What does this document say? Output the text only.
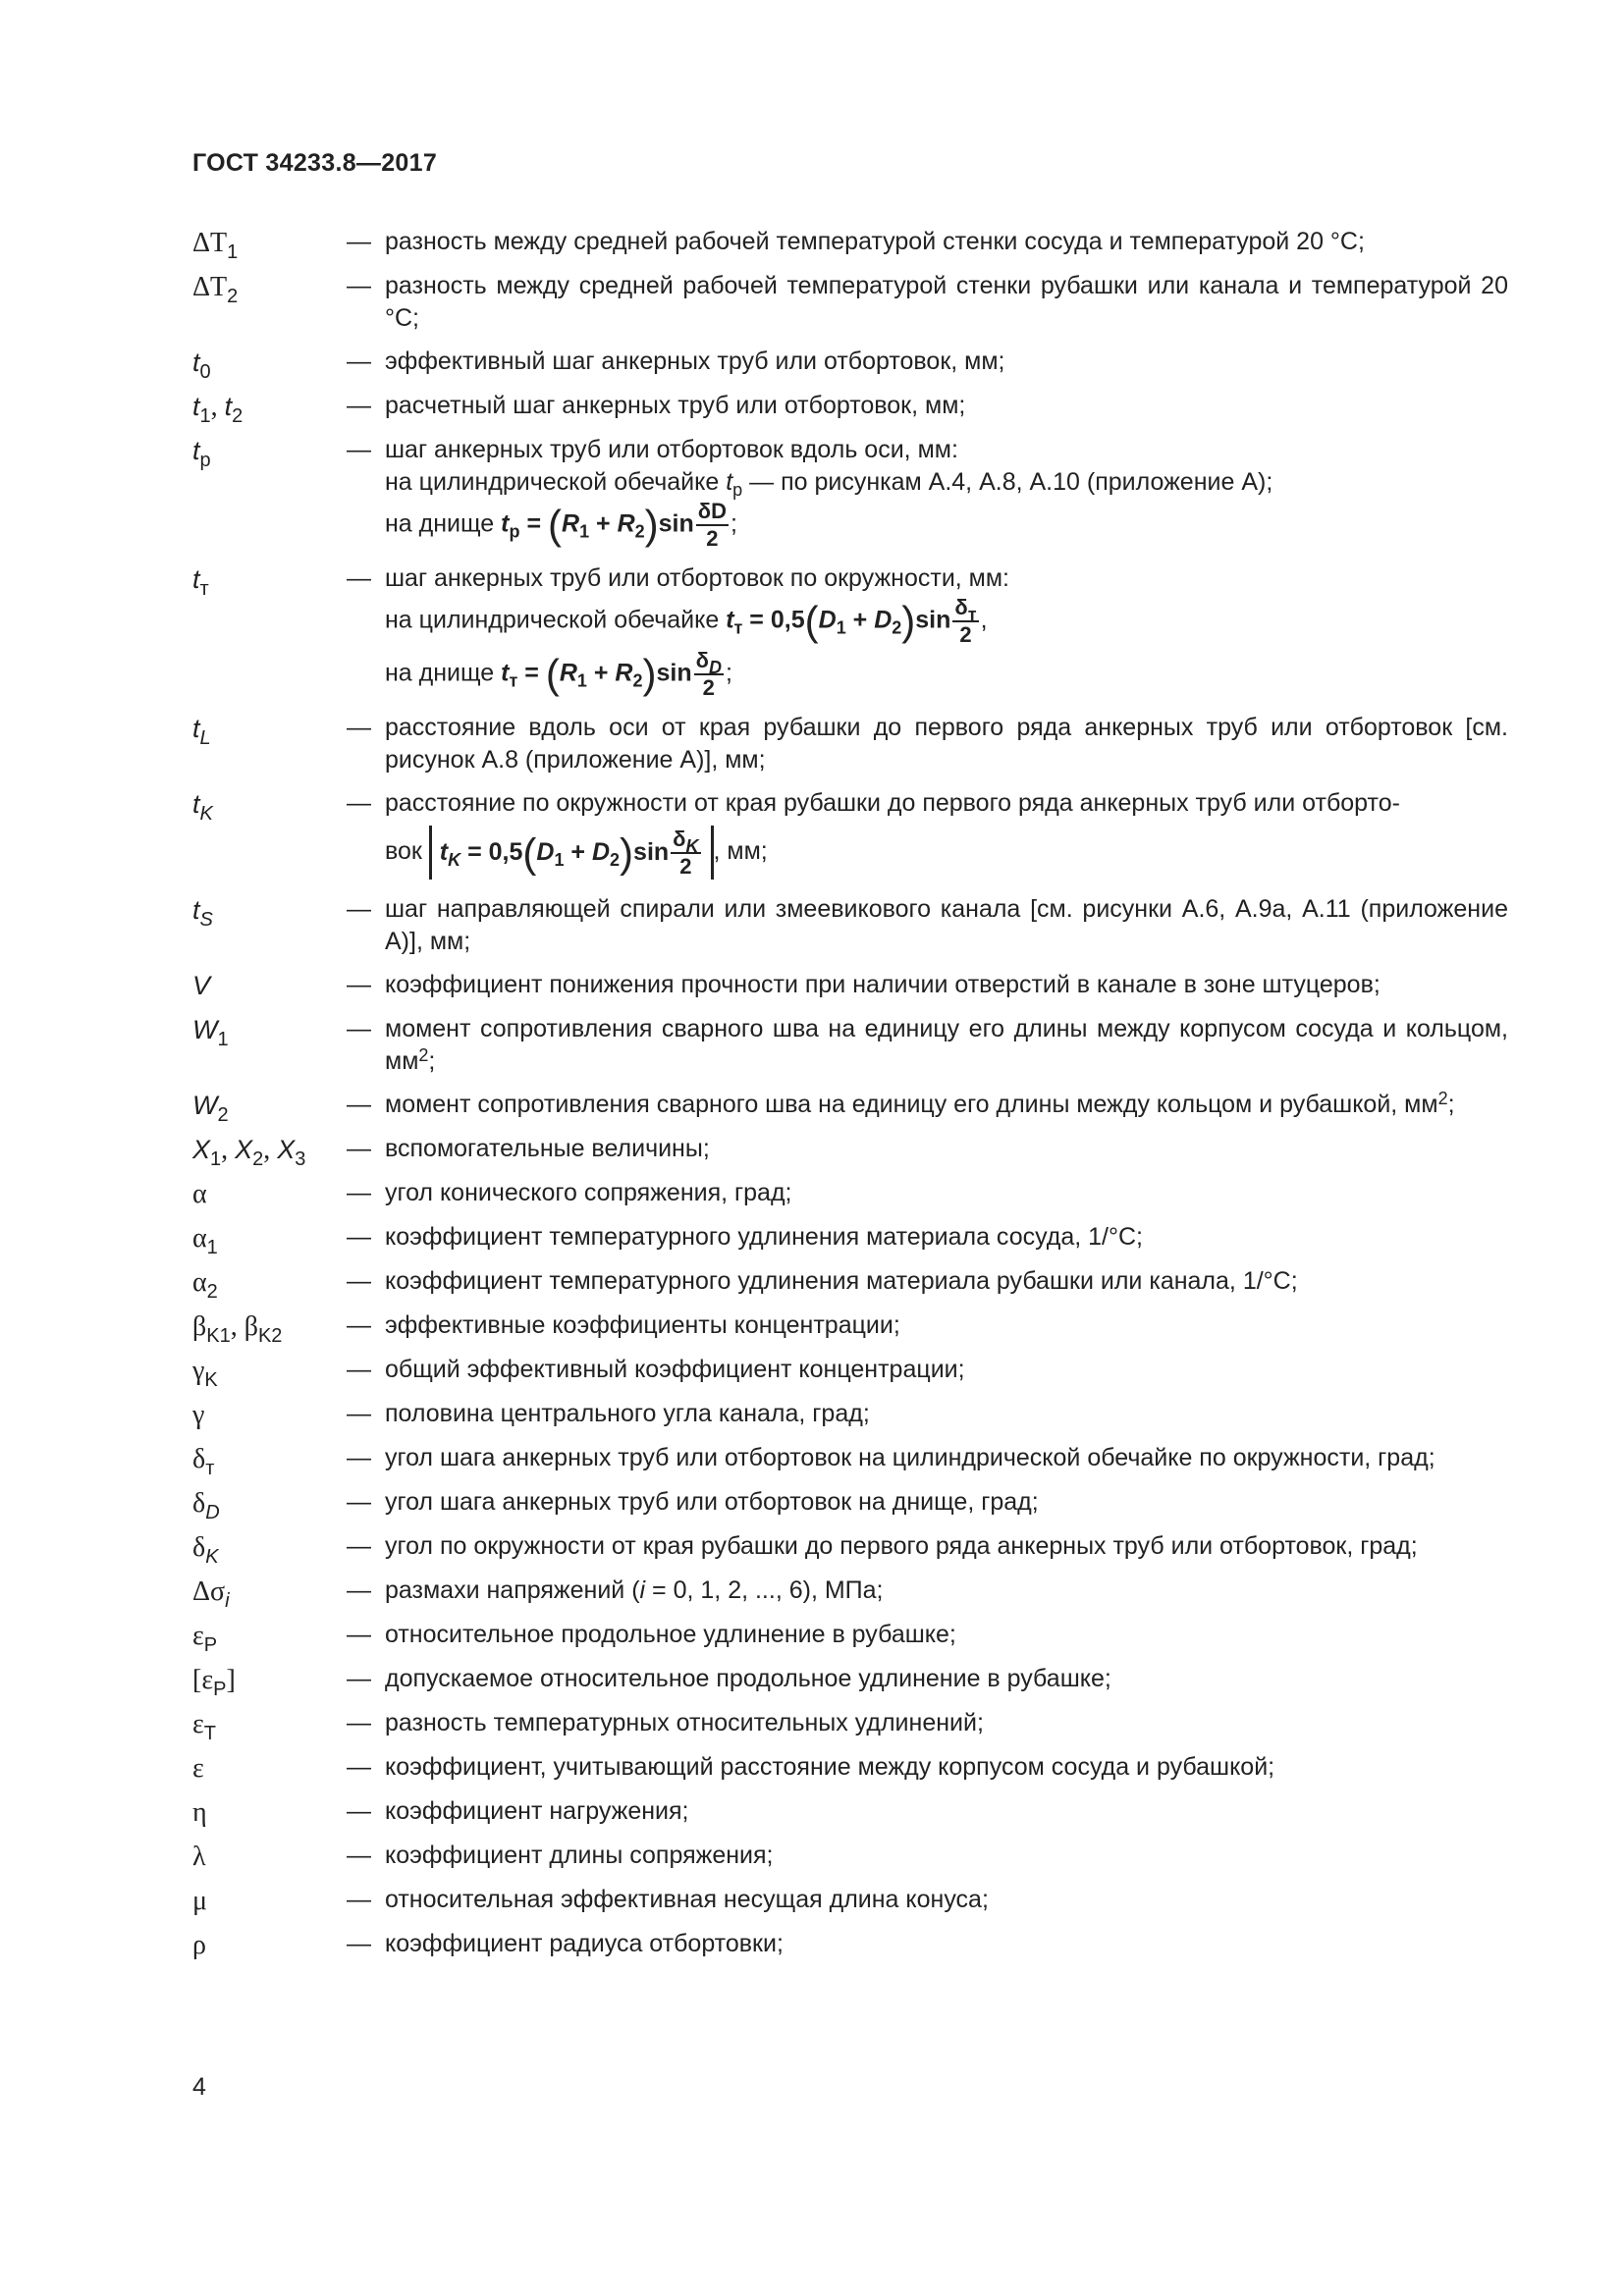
ГОСТ 34233.8—2017
$\Delta T_1$	— разность между средней рабочей температурой стенки сосуда и температурой 20 °С;
$\Delta T_2$	— разность между средней рабочей температурой стенки рубашки или канала и температурой 20 °С;
$t_0$	— эффективный шаг анкерных труб или отбортовок, мм;
$t_1$, $t_2$	— расчетный шаг анкерных труб или отбортовок, мм;
$t_p$	— шаг анкерных труб или отбортовок вдоль оси, мм:
на цилиндрической обечайке $t_p$ — по рисункам А.4, А.8, А.10 (приложение А);
на днище $t_p = (R_1 + R_2)\sin \frac{\delta D}{2}$ ;
$t_т$	— шаг анкерных труб или отбортовок по окружности, мм:
на цилиндрической обечайке $t_т = 0,5(D_1 + D_2)\sin \frac{\delta_т}{2}$ ,
на днище $t_т = (R_1 + R_2)\sin \frac{\delta_D}{2}$ ;
$t_L$	— расстояние вдоль оси от края рубашки до первого ряда анкерных труб или отбортовок [см. рисунок А.8 (приложение А)], мм;
$t_K$	— расстояние по окружности от края рубашки до первого ряда анкерных труб или отборто-
вок $t_K = 0,5(D_1 + D_2)\sin \frac{\delta_K}{2}$ , мм;
$t_S$	— шаг направляющей спирали или змеевикового канала [см. рисунки А.6, А.9а, А.11 (приложение А)], мм;
V	— коэффициент понижения прочности при наличии отверстий в канале в зоне штуцеров;
$W_1$	— момент сопротивления сварного шва на единицу его длины между корпусом сосуда и кольцом, $мм^2$;
$W_2$	— момент сопротивления сварного шва на единицу его длины между кольцом и рубашкой, $мм^2$;
$X_1$, $X_2$, $X_3$	— вспомогательные величины;
α	— угол конического сопряжения, град;
$\alpha_1$	— коэффициент температурного удлинения материала сосуда, 1/°С;
$\alpha_2$	— коэффициент температурного удлинения материала рубашки или канала, 1/°С;
$\beta_{K1}$, $\beta_{K2}$	— эффективные коэффициенты концентрации;
$\gamma_K$	— общий эффективный коэффициент концентрации;
γ	— половина центрального угла канала, град;
$\delta_т$	— угол шага анкерных труб или отбортовок на цилиндрической обечайке по окружности, град;
$\delta_D$	— угол шага анкерных труб или отбортовок на днище, град;
$\delta_K$	— угол по окружности от края рубашки до первого ряда анкерных труб или отбортовок, град;
$\Delta\sigma_i$	— размахи напряжений (i = 0, 1, 2, ..., 6), МПа;
$\varepsilon_P$	— относительное продольное удлинение в рубашке;
$[\varepsilon_P]$	— допускаемое относительное продольное удлинение в рубашке;
$\varepsilon_T$	— разность температурных относительных удлинений;
ε	— коэффициент, учитывающий расстояние между корпусом сосуда и рубашкой;
η	— коэффициент нагружения;
λ	— коэффициент длины сопряжения;
μ	— относительная эффективная несущая длина конуса;
ρ	— коэффициент радиуса отбортовки;
4
